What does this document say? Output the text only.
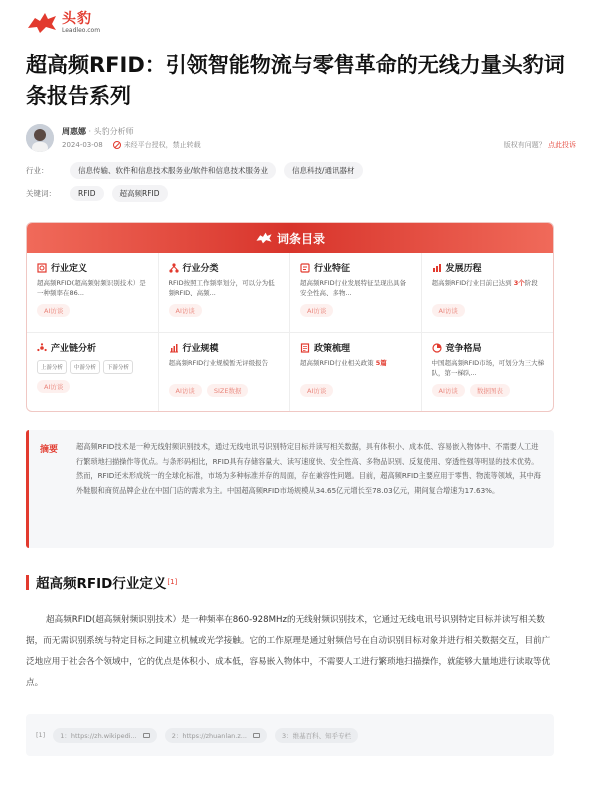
头豹
Leadleo.com
超高频RFID：引领智能物流与零售革命的无线力量头豹词条报告系列
周惠娜 · 头豹分析师
2024-03-08	未经平台授权，禁止转载	版权有问题？ 点此投诉
行业：	信息传输、软件和信息技术服务业/软件和信息技术服务业	信息科技/通讯器材
关键词：	RFID	超高频RFID
词条目录
行业定义
超高频RFID(超高频射频识别技术）是一种频率在86...
AI访谈
行业分类
RFID按照工作频率划分，可以分为低频RFID、高频...
AI访谈
行业特征
超高频RFID行业发展特征呈现出具备安全性高、多物...
AI访谈
发展历程
超高频RFID行业目前已达到 3个阶段
AI访谈
产业链分析
上游分析	中游分析	下游分析
AI访谈
行业规模
超高频RFID行业规模暂无评级报告
AI访谈	SIZE数据
政策梳理
超高频RFID行业相关政策 5篇
AI访谈
竞争格局
中国超高频RFID市场，可划分为三大梯队，第一梯队...
AI访谈	数据图表
摘要 超高频RFID技术是一种无线射频识别技术，通过无线电讯号识别特定目标并读写相关数据，具有体积小、成本低、容易嵌入物体中、不需要人工进行繁琐地扫描操作等优点。与条形码相比，RFID具有存储容量大、读写速度快、安全性高、多物品识别、反复使用、穿透性强等明显的技术优势。然而，RFID还未形成统一的全球化标准，市场为多种标准并存的局面，存在兼容性问题。目前，超高频RFID主要应用于零售、物流等领域，其中海外鞋服和商贸品牌企业在中国门店的需求为主。中国超高频RFID市场规模从34.65亿元增长至78.03亿元，期间复合增速为17.63%。
超高频RFID行业定义 [1]

超高频RFID(超高频射频识别技术）是一种频率在860-928MHz的无线射频识别技术，它通过无线电讯号识别特定目标并读写相关数据，而无需识别系统与特定目标之间建立机械或光学接触。它的工作原理是通过射频信号在自动识别目标对象并进行相关数据交互，目前广泛地应用于社会各个领域中，它的优点是体积小、成本低，容易嵌入物体中，不需要人工进行繁琐地扫描操作，就能够大量地进行读取等优点。

[1] 1：https://zh.wikipedi...	2：https://zhuanlan.z...	3：维基百科、知乎专栏
